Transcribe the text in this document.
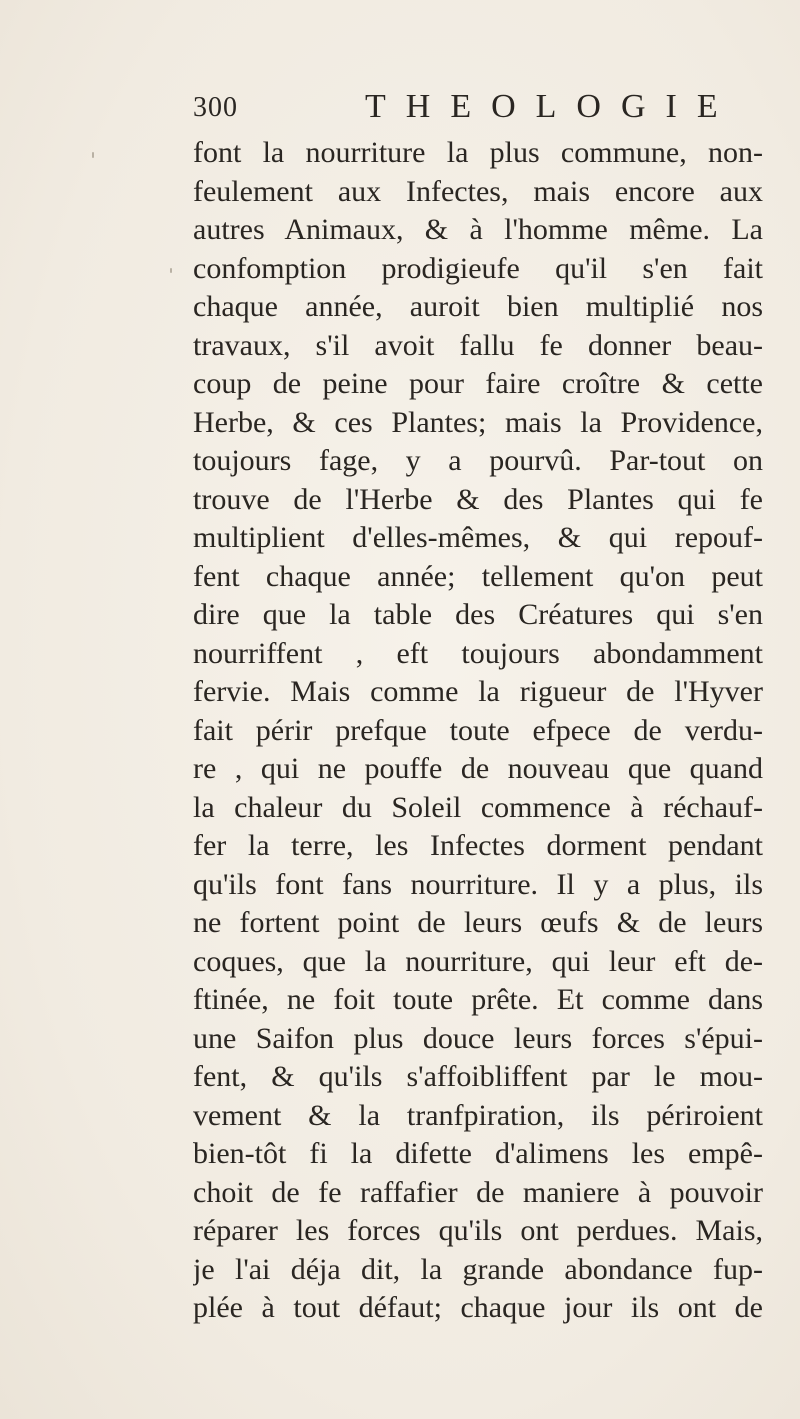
300	THEOLOGIE
font la nourriture la plus commune, non-
feulement aux Infectes, mais encore aux
autres Animaux, & à l'homme même. La
confomption prodigieufe qu'il s'en fait
chaque année, auroit bien multiplié nos
travaux, s'il avoit fallu fe donner beau-
coup de peine pour faire croître & cette
Herbe, & ces Plantes; mais la Providence,
toujours fage, y a pourvû. Par-tout on
trouve de l'Herbe & des Plantes qui fe
multiplient d'elles-mêmes, & qui repouf-
fent chaque année; tellement qu'on peut
dire que la table des Créatures qui s'en
nourriffent , eft toujours abondamment
fervie. Mais comme la rigueur de l'Hyver
fait périr prefque toute efpece de verdu-
re , qui ne pouffe de nouveau que quand
la chaleur du Soleil commence à réchauf-
fer la terre, les Infectes dorment pendant
qu'ils font fans nourriture. Il y a plus, ils
ne fortent point de leurs œufs & de leurs
coques, que la nourriture, qui leur eft de-
ftinée, ne foit toute prête. Et comme dans
une Saifon plus douce leurs forces s'épui-
fent, & qu'ils s'affoibliffent par le mou-
vement & la tranfpiration, ils périroient
bien-tôt fi la difette d'alimens les empê-
choit de fe raffafier de maniere à pouvoir
réparer les forces qu'ils ont perdues. Mais,
je l'ai déja dit, la grande abondance fup-
plée à tout défaut; chaque jour ils ont de
